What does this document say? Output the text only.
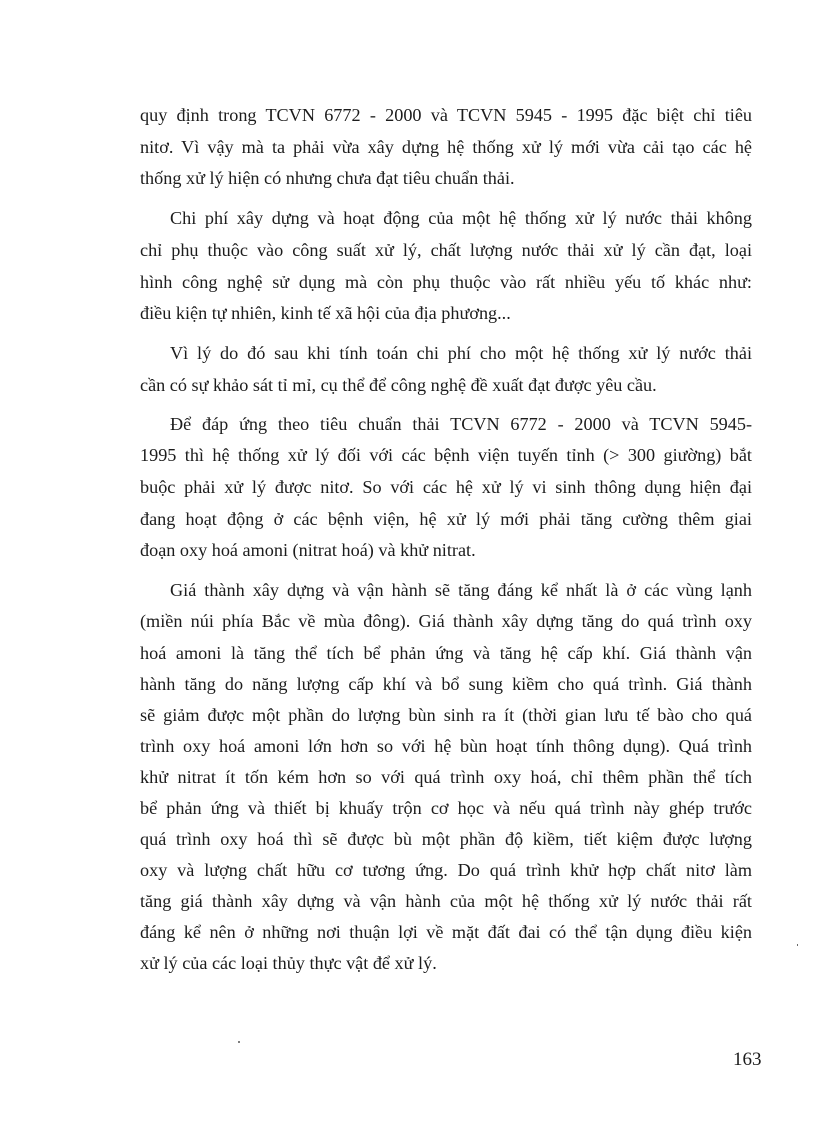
quy định trong TCVN 6772 - 2000 và TCVN 5945 - 1995 đặc biệt chỉ tiêu
nitơ. Vì vậy mà ta phải vừa xây dựng hệ thống xử lý mới vừa cải tạo các hệ
thống xử lý hiện có nhưng chưa đạt tiêu chuẩn thải.
Chi phí xây dựng và hoạt động của một hệ thống xử lý nước thải không
chỉ phụ thuộc vào công suất xử lý, chất lượng nước thải xử lý cần đạt, loại
hình công nghệ sử dụng mà còn phụ thuộc vào rất nhiều yếu tố khác như:
điều kiện tự nhiên, kinh tế xã hội của địa phương...
Vì lý do đó sau khi tính toán chi phí cho một hệ thống xử lý nước thải
cần có sự khảo sát tỉ mỉ, cụ thể để công nghệ đề xuất đạt được yêu cầu.
Để đáp ứng theo tiêu chuẩn thải TCVN 6772 - 2000 và TCVN 5945-
1995 thì hệ thống xử lý đối với các bệnh viện tuyến tỉnh (> 300 giường) bắt
buộc phải xử lý được nitơ. So với các hệ xử lý vi sinh thông dụng hiện đại
đang hoạt động ở các bệnh viện, hệ xử lý mới phải tăng cường thêm giai
đoạn oxy hoá amoni (nitrat hoá) và khử nitrat.
Giá thành xây dựng và vận hành sẽ tăng đáng kể nhất là ở các vùng lạnh
(miền núi phía Bắc về mùa đông). Giá thành xây dựng tăng do quá trình oxy
hoá amoni là tăng thể tích bể phản ứng và tăng hệ cấp khí. Giá thành vận
hành tăng do năng lượng cấp khí và bổ sung kiềm cho quá trình. Giá thành
sẽ giảm được một phần do lượng bùn sinh ra ít (thời gian lưu tế bào cho quá
trình oxy hoá amoni lớn hơn so với hệ bùn hoạt tính thông dụng). Quá trình
khử nitrat ít tốn kém hơn so với quá trình oxy hoá, chỉ thêm phần thể tích
bể phản ứng và thiết bị khuấy trộn cơ học và nếu quá trình này ghép trước
quá trình oxy hoá thì sẽ được bù một phần độ kiềm, tiết kiệm được lượng
oxy và lượng chất hữu cơ tương ứng. Do quá trình khử hợp chất nitơ làm
tăng giá thành xây dựng và vận hành của một hệ thống xử lý nước thải rất
đáng kể nên ở những nơi thuận lợi về mặt đất đai có thể tận dụng điều kiện
xử lý của các loại thủy thực vật để xử lý.
163
